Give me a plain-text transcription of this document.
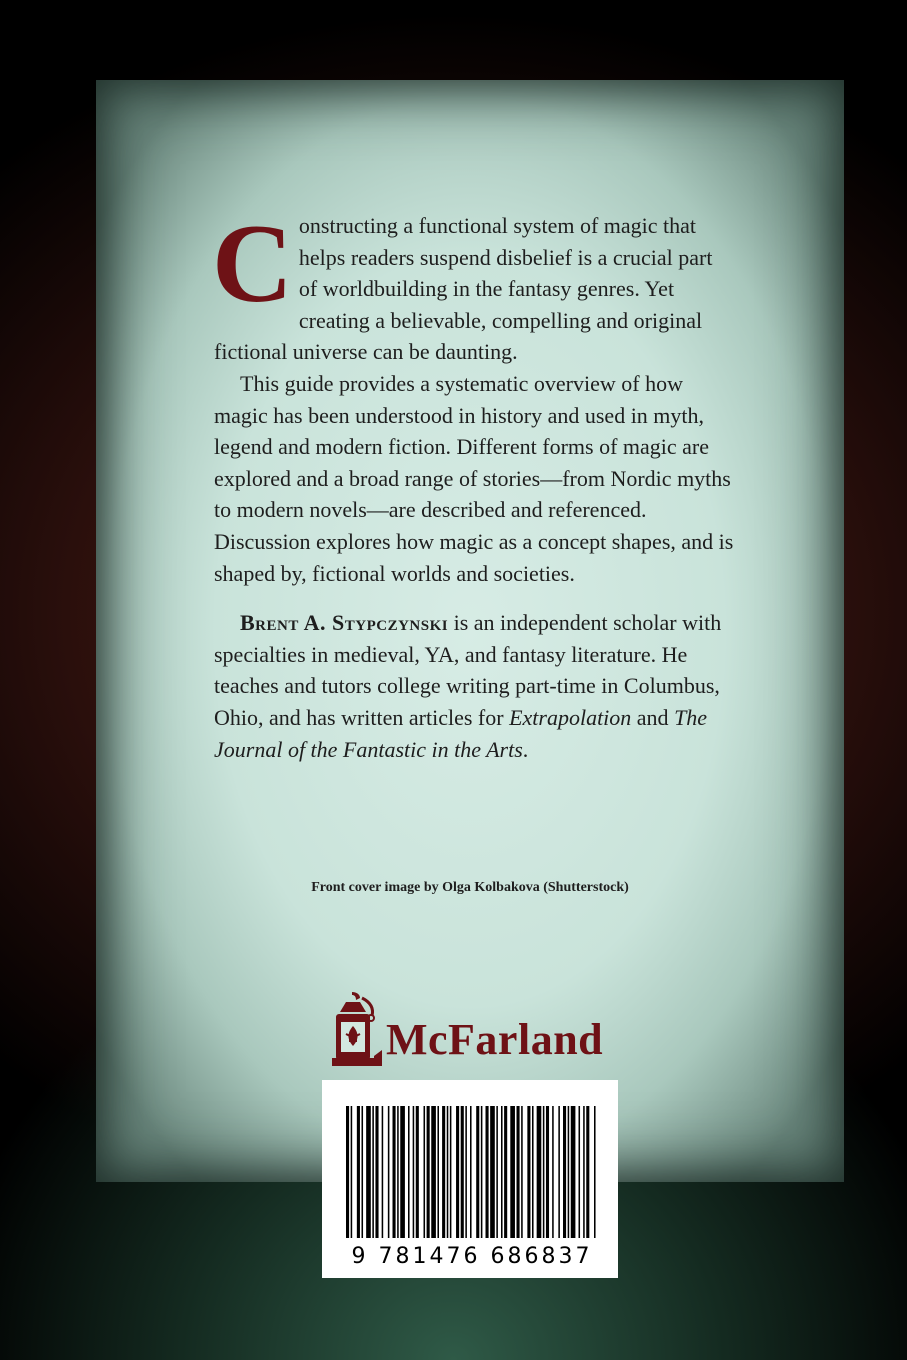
Constructing a functional system of magic that helps readers suspend disbelief is a crucial part of worldbuilding in the fantasy genres. Yet creating a believable, compelling and original fictional universe can be daunting.

This guide provides a systematic overview of how magic has been understood in history and used in myth, legend and modern fiction. Different forms of magic are explored and a broad range of stories—from Nordic myths to modern novels—are described and referenced. Discussion explores how magic as a concept shapes, and is shaped by, fictional worlds and societies.

Brent A. Stypczynski is an independent scholar with specialties in medieval, YA, and fantasy literature. He teaches and tutors college writing part-time in Columbus, Ohio, and has written articles for Extrapolation and The Journal of the Fantastic in the Arts.

Front cover image by Olga Kolbakova (Shutterstock)
McFarland
9 781476 686837
